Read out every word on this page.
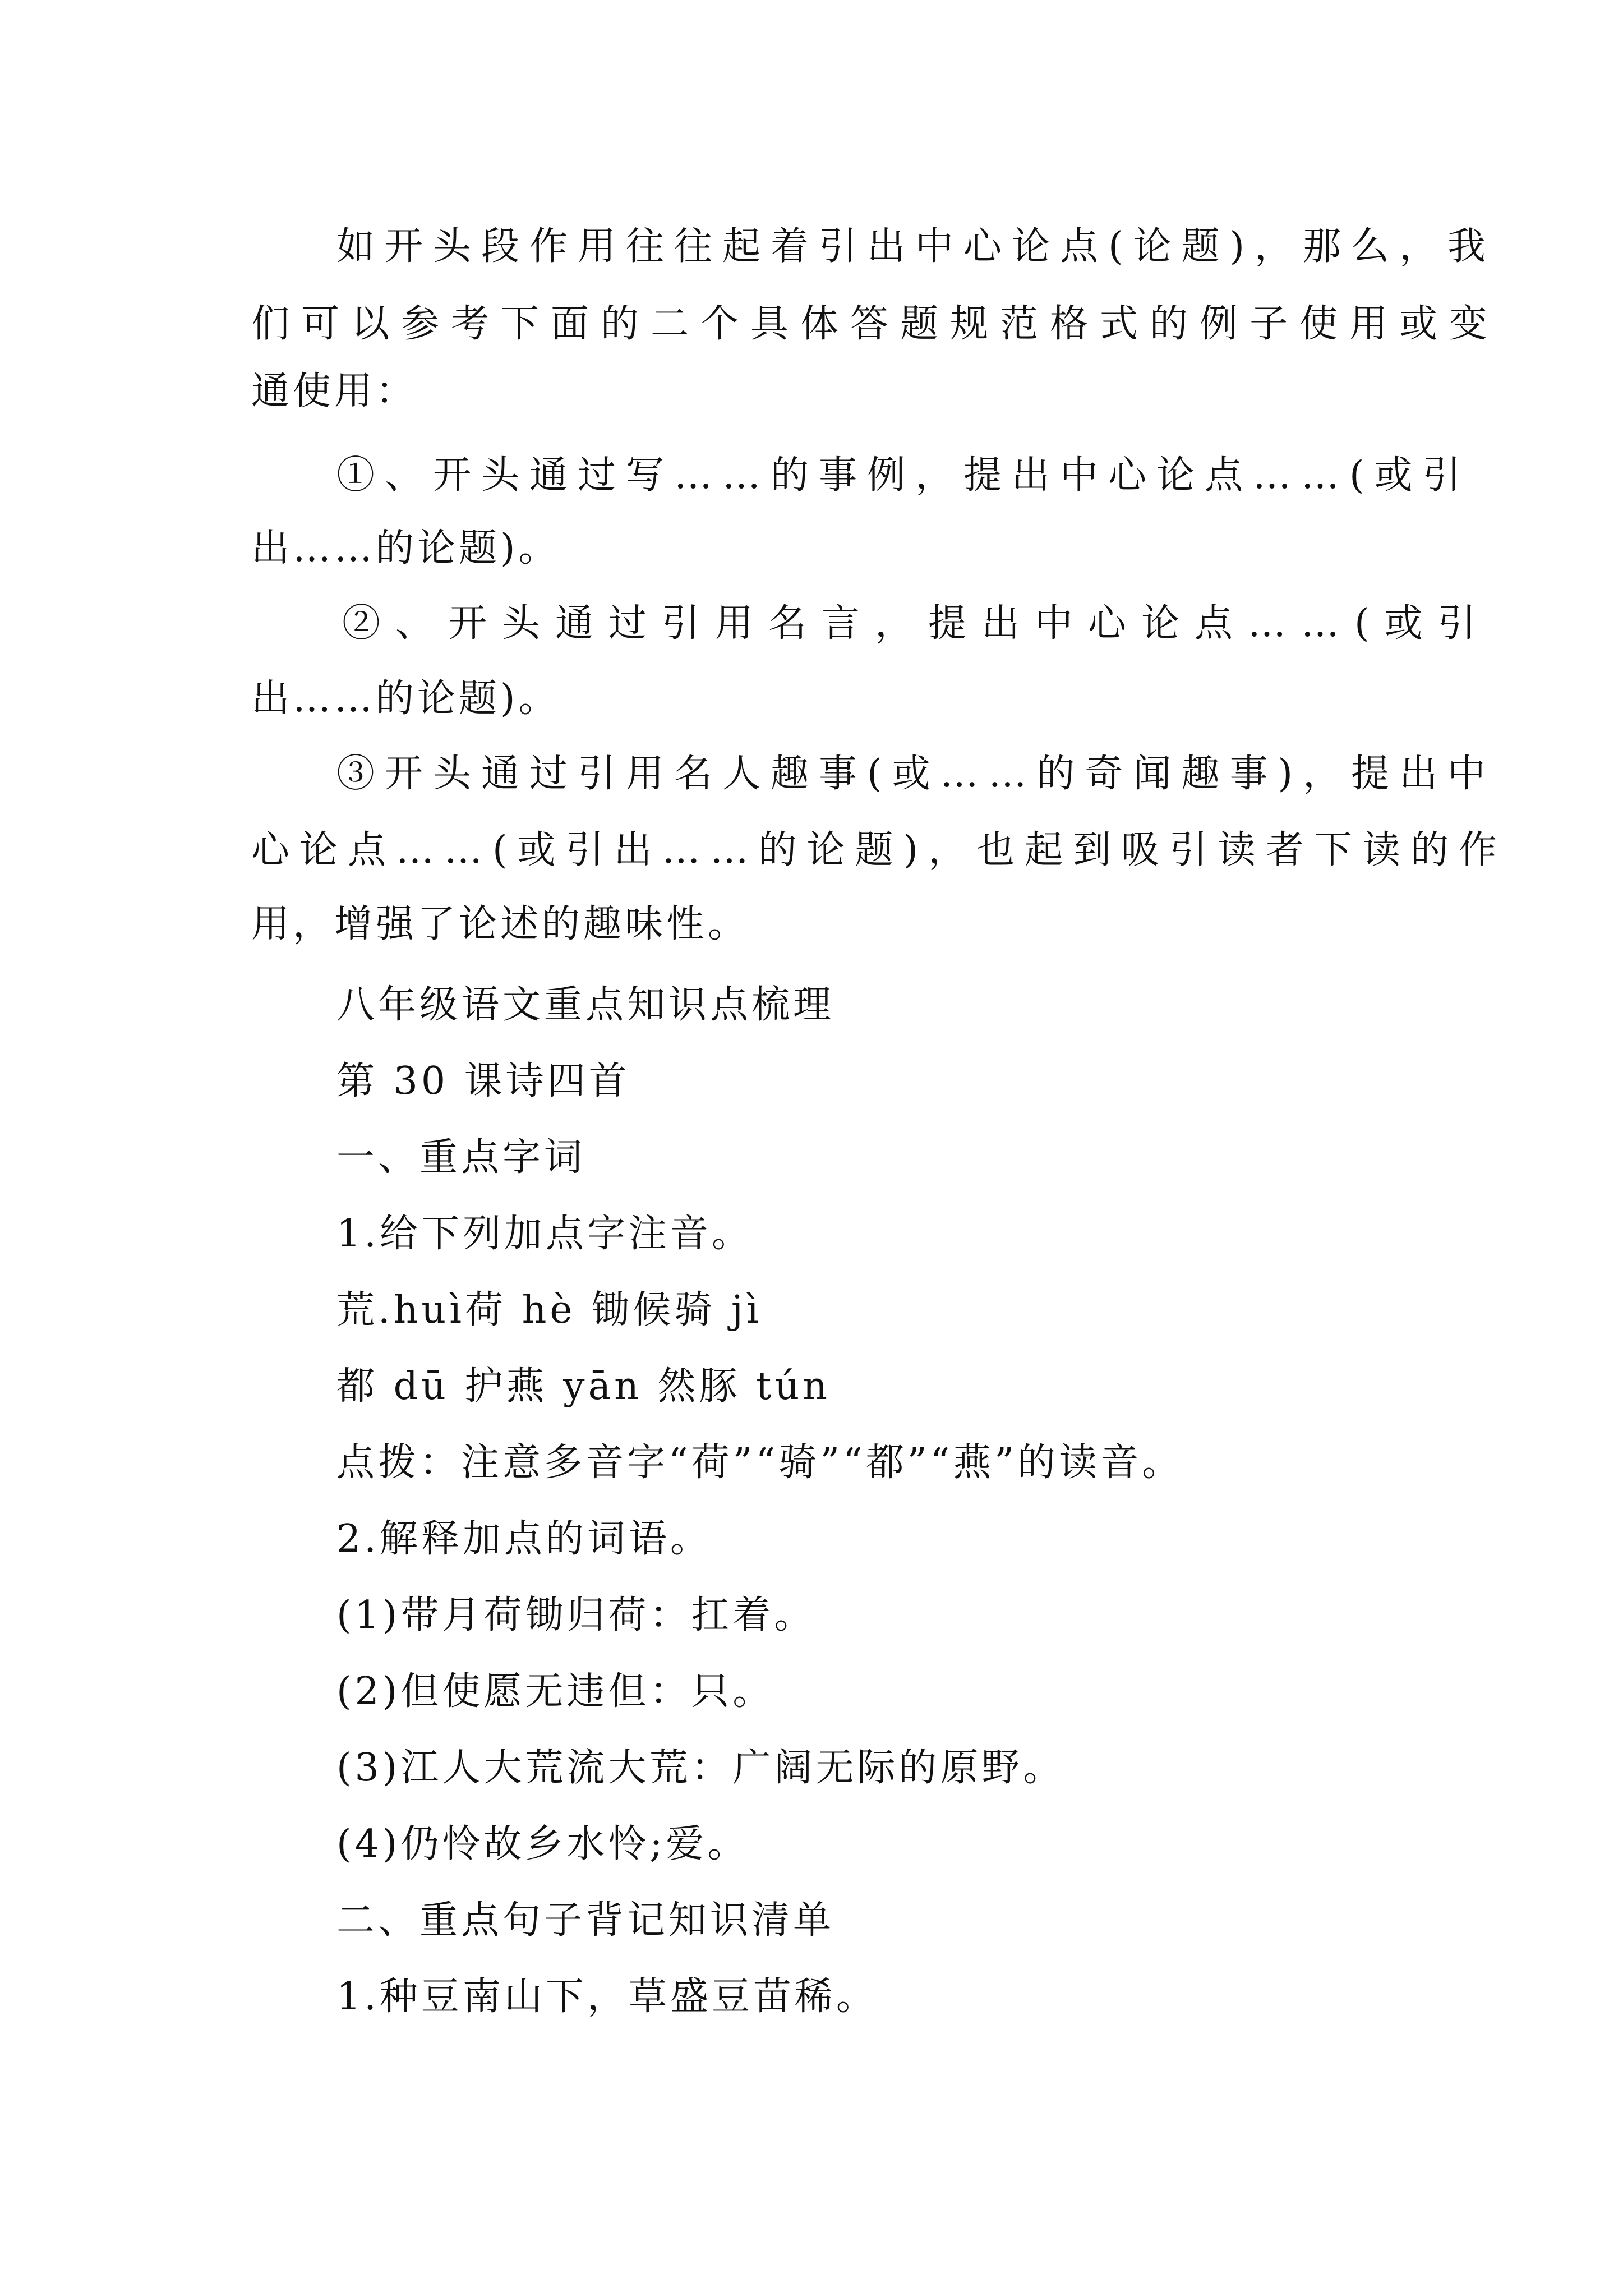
如开头段作用往往起着引出中心论点(论题)，那么，我
们可以参考下面的二个具体答题规范格式的例子使用或变
通使用：
①、开头通过写……的事例，提出中心论点……(或引
出……的论题)。
②、开头通过引用名言，提出中心论点……(或引
出……的论题)。
③开头通过引用名人趣事(或……的奇闻趣事)，提出中
心论点……(或引出……的论题)，也起到吸引读者下读的作
用，增强了论述的趣味性。
八年级语文重点知识点梳理
第 30 课诗四首
一、重点字词
1.给下列加点字注音。
荒.huì荷 hè 锄候骑 jì
都 dū 护燕 yān 然豚 tún
点拨：注意多音字“荷”“骑”“都”“燕”的读音。
2.解释加点的词语。
(1)带月荷锄归荷：扛着。
(2)但使愿无违但：只。
(3)江人大荒流大荒：广阔无际的原野。
(4)仍怜故乡水怜;爱。
二、重点句子背记知识清单
1.种豆南山下，草盛豆苗稀。
